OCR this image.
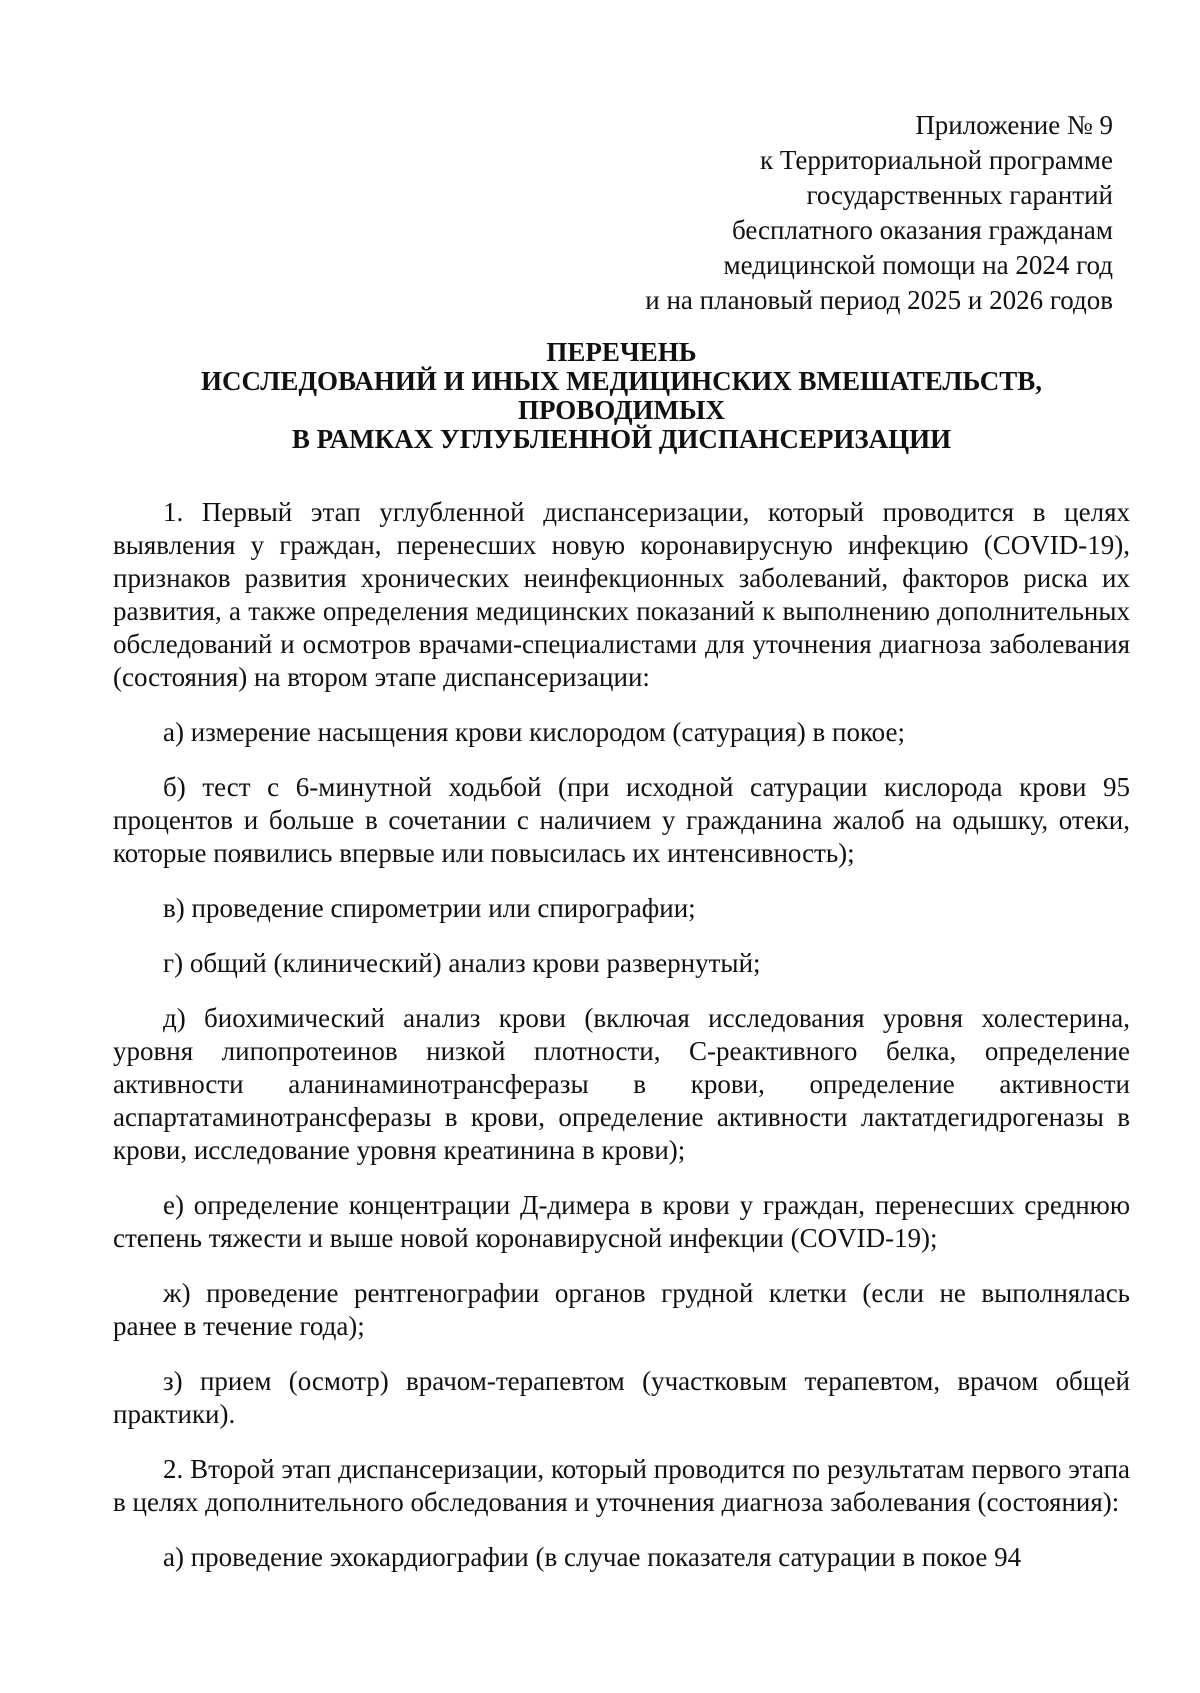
Приложение № 9
к Территориальной программе
государственных гарантий
бесплатного оказания гражданам
медицинской помощи на 2024 год
и на плановый период 2025 и 2026 годов
ПЕРЕЧЕНЬ
ИССЛЕДОВАНИЙ И ИНЫХ МЕДИЦИНСКИХ ВМЕШАТЕЛЬСТВ,
ПРОВОДИМЫХ
В РАМКАХ УГЛУБЛЕННОЙ ДИСПАНСЕРИЗАЦИИ

1. Первый этап углубленной диспансеризации, который проводится в целях выявления у граждан, перенесших новую коронавирусную инфекцию (COVID-19), признаков развития хронических неинфекционных заболеваний, факторов риска их развития, а также определения медицинских показаний к выполнению дополнительных обследований и осмотров врачами-специалистами для уточнения диагноза заболевания (состояния) на втором этапе диспансеризации:

а) измерение насыщения крови кислородом (сатурация) в покое;

б) тест с 6-минутной ходьбой (при исходной сатурации кислорода крови 95 процентов и больше в сочетании с наличием у гражданина жалоб на одышку, отеки, которые появились впервые или повысилась их интенсивность);

в) проведение спирометрии или спирографии;

г) общий (клинический) анализ крови развернутый;

д) биохимический анализ крови (включая исследования уровня холестерина, уровня липопротеинов низкой плотности, С-реактивного белка, определение активности аланинаминотрансферазы в крови, определение активности аспартатаминотрансферазы в крови, определение активности лактатдегидрогеназы в крови, исследование уровня креатинина в крови);

е) определение концентрации Д-димера в крови у граждан, перенесших среднюю степень тяжести и выше новой коронавирусной инфекции (COVID-19);

ж) проведение рентгенографии органов грудной клетки (если не выполнялась ранее в течение года);

з) прием (осмотр) врачом-терапевтом (участковым терапевтом, врачом общей практики).

2. Второй этап диспансеризации, который проводится по результатам первого этапа в целях дополнительного обследования и уточнения диагноза заболевания (состояния):

а) проведение эхокардиографии (в случае показателя сатурации в покое 94
